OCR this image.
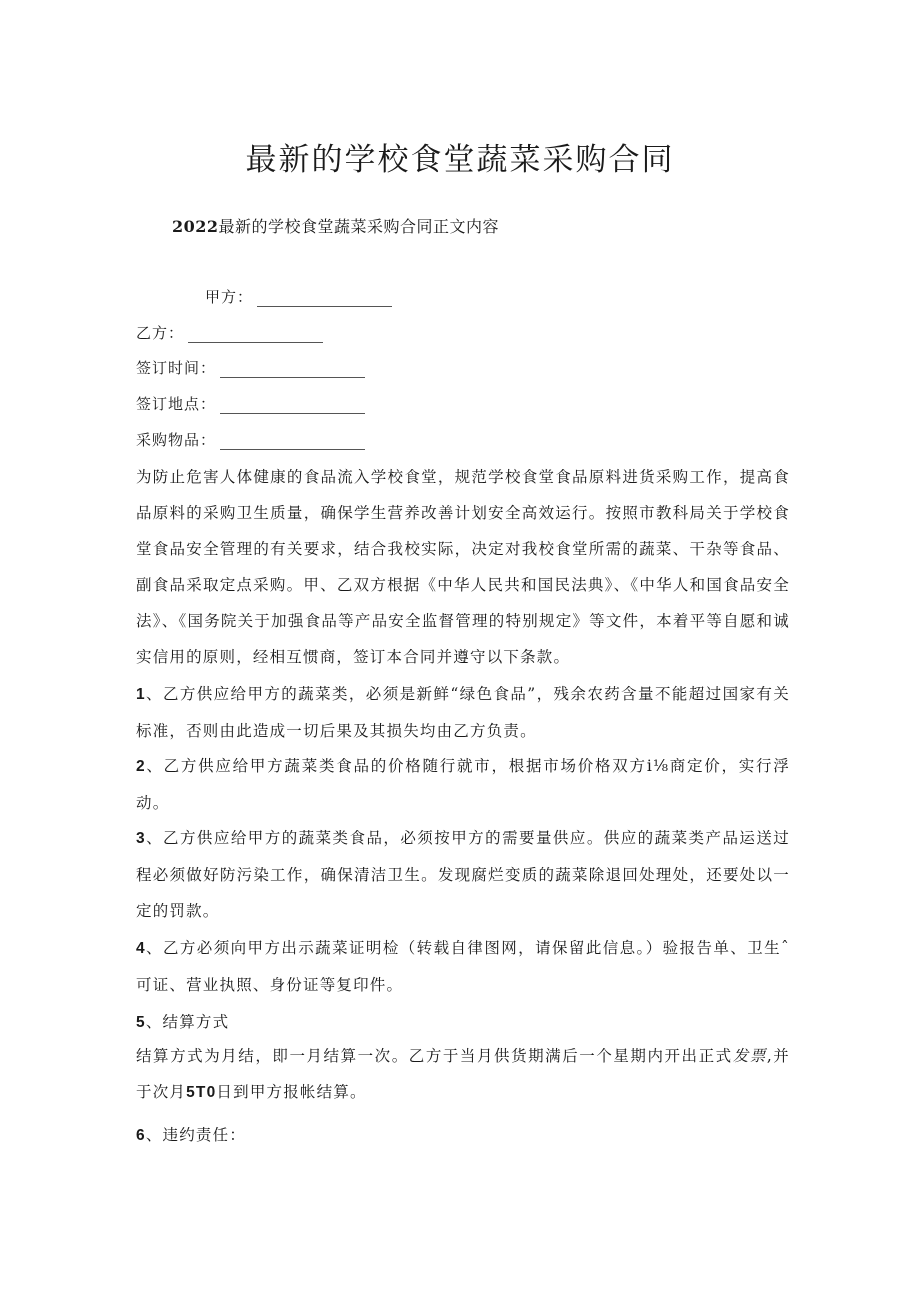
最新的学校食堂蔬菜采购合同
2022最新的学校食堂蔬菜采购合同正文内容
甲方：
乙方：
签订时间：
签订地点：
采购物品：

为防止危害人体健康的食品流入学校食堂，规范学校食堂食品原料进货采购工作，提高食品原料的采购卫生质量，确保学生营养改善计划安全高效运行。按照市教科局关于学校食堂食品安全管理的有关要求，结合我校实际，决定对我校食堂所需的蔬菜、干杂等食品、副食品采取定点采购。甲、乙双方根据《中华人民共和国民法典》、《中华人和国食品安全法》、《国务院关于加强食品等产品安全监督管理的特别规定》等文件，本着平等自愿和诚实信用的原则，经相互惯商，签订本合同并遵守以下条款。

1、乙方供应给甲方的蔬菜类，必须是新鲜“绿色食品”，残余农药含量不能超过国家有关标准，否则由此造成一切后果及其损失均由乙方负责。

2、乙方供应给甲方蔬菜类食品的价格随行就市，根据市场价格双方i⅛商定价，实行浮动。

3、乙方供应给甲方的蔬菜类食品，必须按甲方的需要量供应。供应的蔬菜类产品运送过程必须做好防污染工作，确保清洁卫生。发现腐烂变质的蔬菜除退回处理处，还要处以一定的罚款。

4、乙方必须向甲方出示蔬菜证明检（转载自律图网，请保留此信息。）验报告单、卫生ˆ可证、营业执照、身份证等复印件。

5、结算方式

结算方式为月结，即一月结算一次。乙方于当月供货期满后一个星期内开出正式发票,并于次月5T0日到甲方报帐结算。

6、违约责任：
